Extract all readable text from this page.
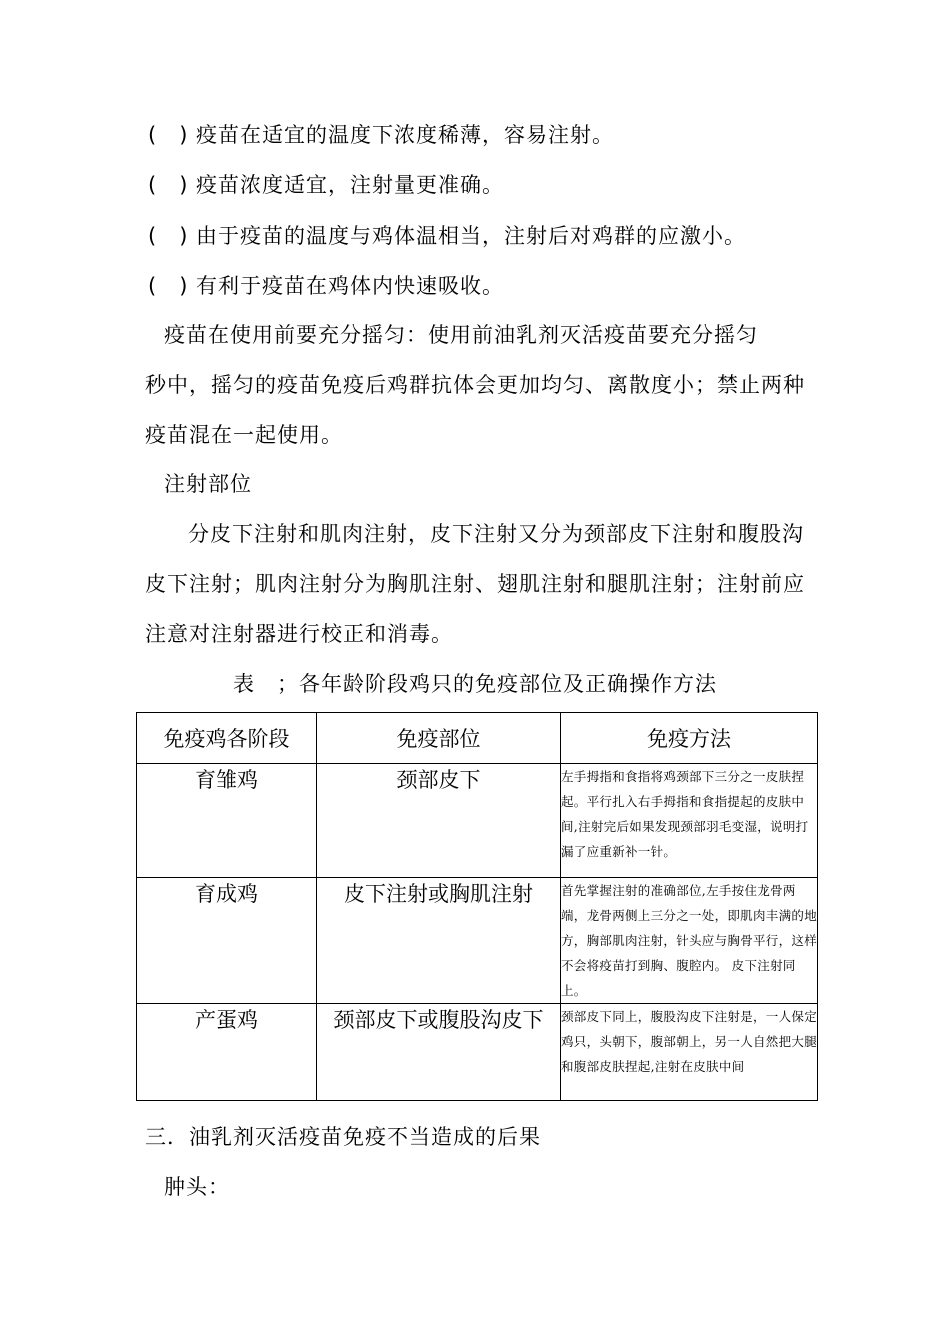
(　) 疫苗在适宜的温度下浓度稀薄，容易注射。
(　) 疫苗浓度适宜，注射量更准确。
(　) 由于疫苗的温度与鸡体温相当，注射后对鸡群的应激小。
(　) 有利于疫苗在鸡体内快速吸收。
疫苗在使用前要充分摇匀：使用前油乳剂灭活疫苗要充分摇匀
秒中，摇匀的疫苗免疫后鸡群抗体会更加均匀、离散度小；禁止两种
疫苗混在一起使用。
注射部位
分皮下注射和肌肉注射，皮下注射又分为颈部皮下注射和腹股沟
皮下注射；肌肉注射分为胸肌注射、翅肌注射和腿肌注射；注射前应
注意对注射器进行校正和消毒。
表　；各年龄阶段鸡只的免疫部位及正确操作方法
免疫鸡各阶段	免疫部位	免疫方法
育雏鸡	颈部皮下	左手拇指和食指将鸡颈部下三分之一皮肤捏起。平行扎入右手拇指和食指提起的皮肤中间,注射完后如果发现颈部羽毛变湿，说明打漏了应重新补一针。
育成鸡	皮下注射或胸肌注射	首先掌握注射的准确部位,左手按住龙骨两端，龙骨两侧上三分之一处，即肌肉丰满的地方，胸部肌肉注射，针头应与胸骨平行，这样不会将疫苗打到胸、腹腔内。 皮下注射同上。
产蛋鸡	颈部皮下或腹股沟皮下	颈部皮下同上，腹股沟皮下注射是，一人保定鸡只，头朝下，腹部朝上，另一人自然把大腿和腹部皮肤捏起,注射在皮肤中间
三．油乳剂灭活疫苗免疫不当造成的后果
肿头：
